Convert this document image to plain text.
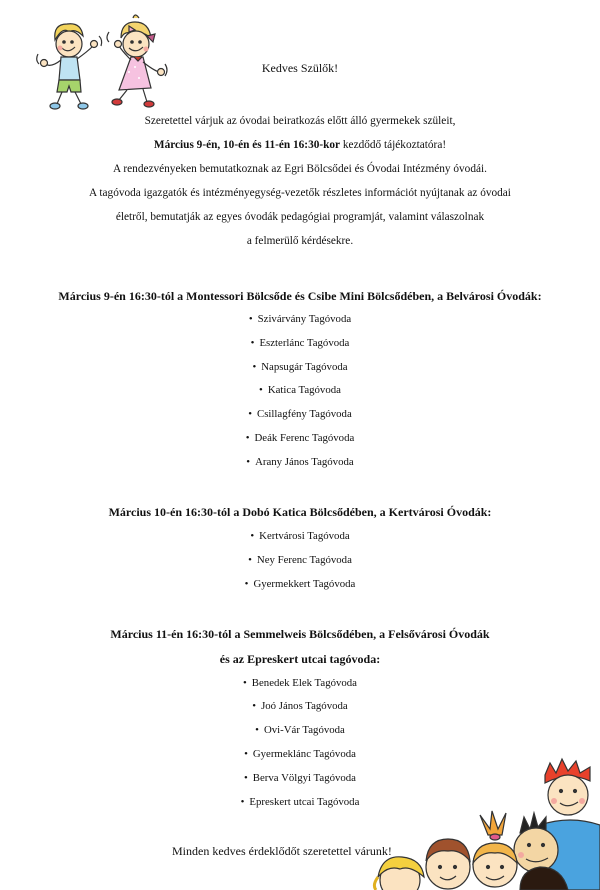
Kedves Szülők!
Szeretettel várjuk az óvodai beiratkozás előtt álló gyermekek szüleit,
Március 9-én, 10-én és 11-én 16:30-kor kezdődő tájékoztatóra!
A rendezvényeken bemutatkoznak az Egri Bölcsődei és Óvodai Intézmény óvodái.
A tagóvoda igazgatók és intézményegység-vezetők részletes információt nyújtanak az óvodai
életről, bemutatják az egyes óvodák pedagógiai programját, valamint válaszolnak
a felmerülő kérdésekre.
Március 9-én 16:30-tól a Montessori Bölcsőde és Csibe Mini Bölcsődében, a Belvárosi Óvodák:
• Szivárvány Tagóvoda
• Eszterlánc Tagóvoda
• Napsugár Tagóvoda
• Katica Tagóvoda
• Csillagfény Tagóvoda
• Deák Ferenc Tagóvoda
• Arany János Tagóvoda
Március 10-én 16:30-tól a Dobó Katica Bölcsődében, a Kertvárosi Óvodák:
• Kertvárosi Tagóvoda
• Ney Ferenc Tagóvoda
• Gyermekkert Tagóvoda
Március 11-én 16:30-tól a Semmelweis Bölcsődében, a Felsővárosi Óvodák
és az Epreskert utcai tagóvoda:
• Benedek Elek Tagóvoda
• Joó János Tagóvoda
• Ovi-Vár Tagóvoda
• Gyermeklánc Tagóvoda
• Berva Völgyi Tagóvoda
• Epreskert utcai Tagóvoda
Minden kedves érdeklődőt szeretettel várunk!
